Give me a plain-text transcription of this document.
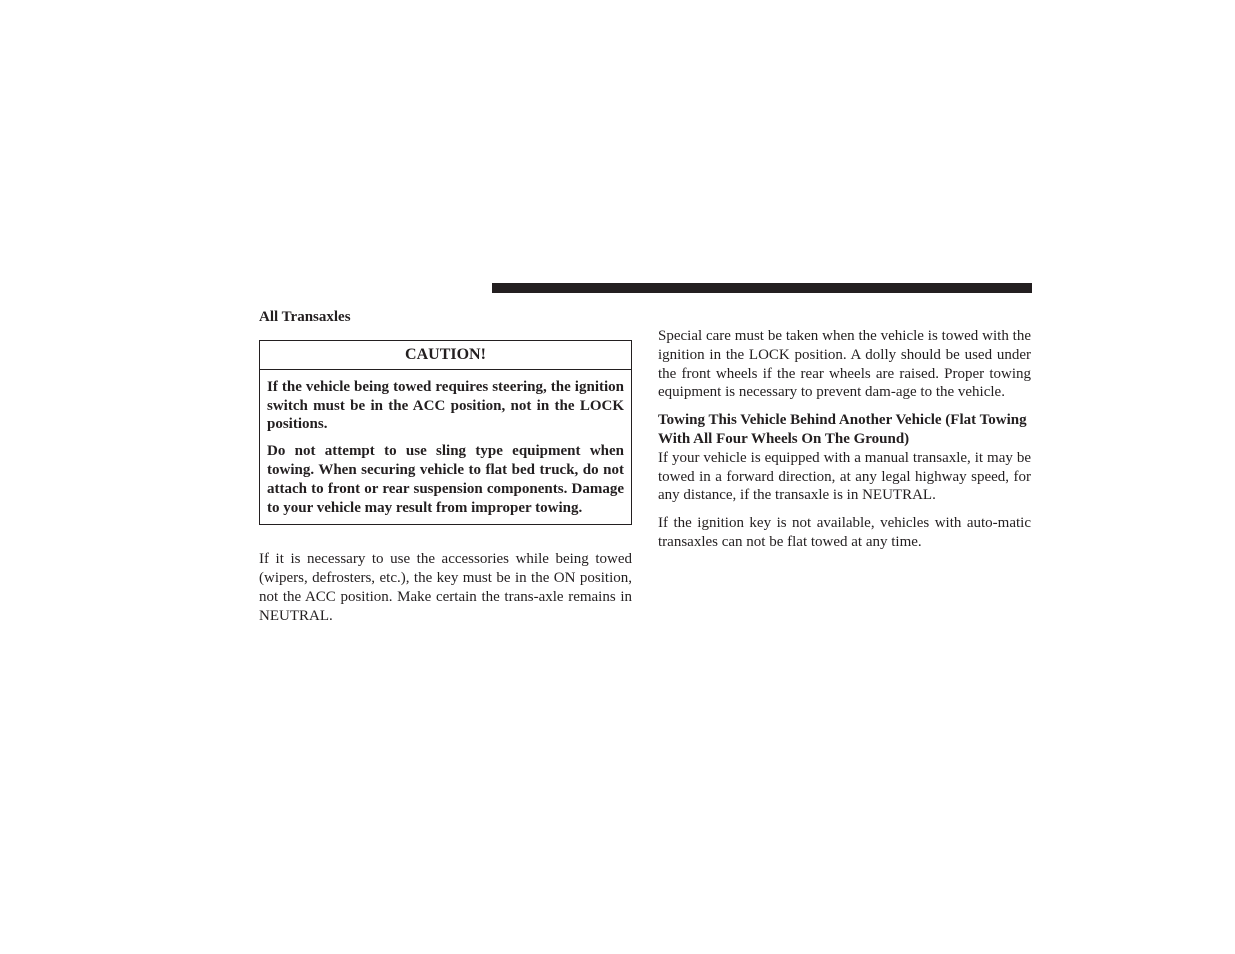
All Transaxles

CAUTION!

If the vehicle being towed requires steering, the ignition switch must be in the ACC position, not in the LOCK positions.

Do not attempt to use sling type equipment when towing. When securing vehicle to flat bed truck, do not attach to front or rear suspension components. Damage to your vehicle may result from improper towing.

If it is necessary to use the accessories while being towed (wipers, defrosters, etc.), the key must be in the ON position, not the ACC position. Make certain the trans-axle remains in NEUTRAL.

Special care must be taken when the vehicle is towed with the ignition in the LOCK position. A dolly should be used under the front wheels if the rear wheels are raised. Proper towing equipment is necessary to prevent dam-age to the vehicle.

Towing This Vehicle Behind Another Vehicle (Flat Towing With All Four Wheels On The Ground)

If your vehicle is equipped with a manual transaxle, it may be towed in a forward direction, at any legal highway speed, for any distance, if the transaxle is in NEUTRAL.

If the ignition key is not available, vehicles with auto-matic transaxles can not be flat towed at any time.
